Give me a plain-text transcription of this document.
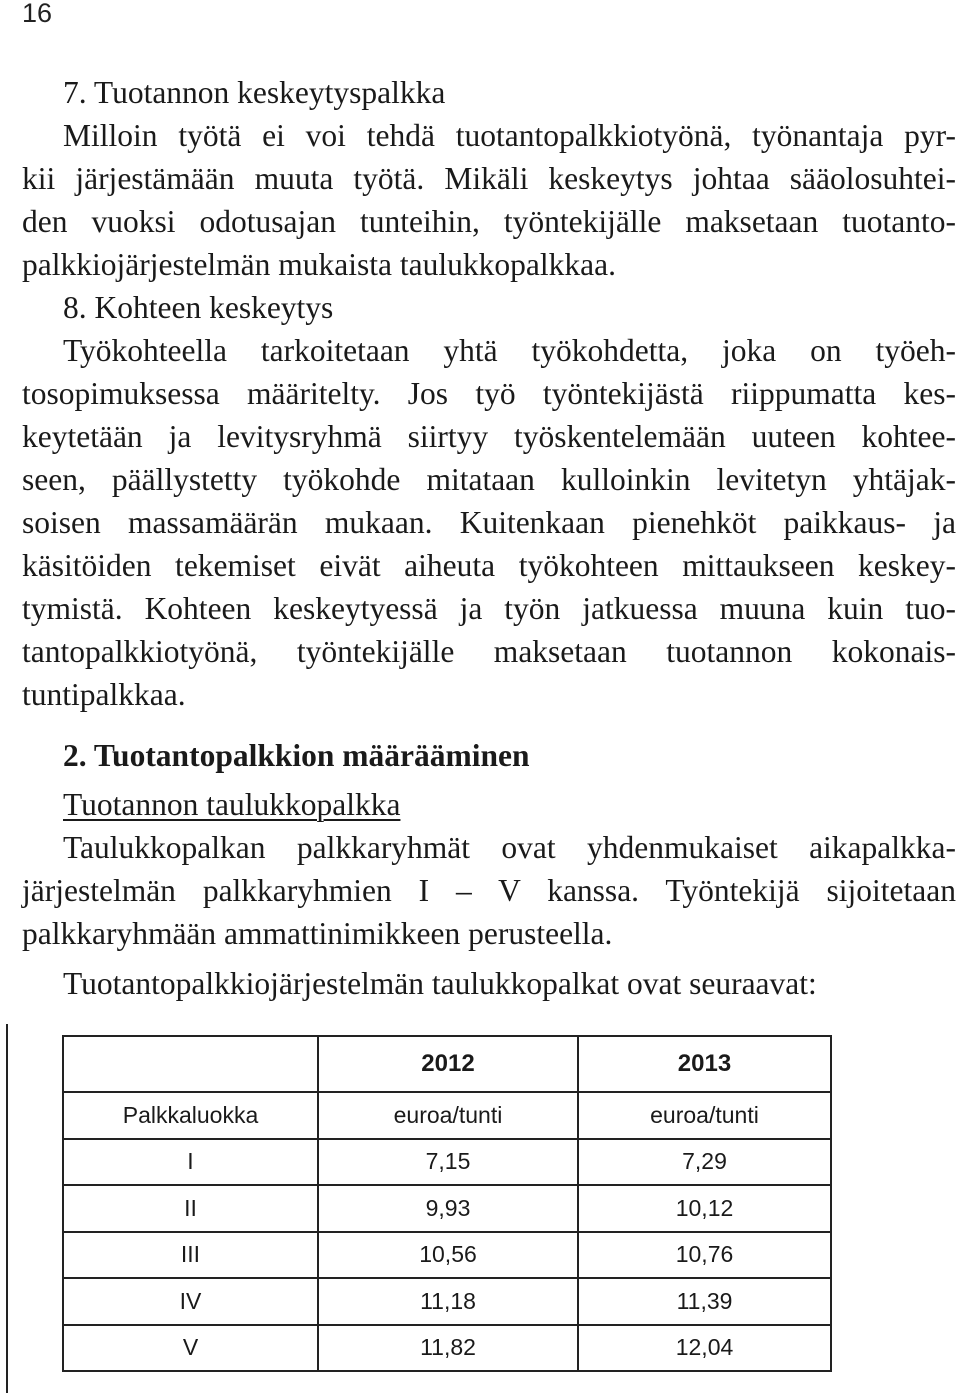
16
7. Tuotannon keskeytyspalkka
Milloin työtä ei voi tehdä tuotantopalkkiotyönä, työnantaja pyr-
kii järjestämään muuta työtä. Mikäli keskeytys johtaa sääolosuhtei-
den vuoksi odotusajan tunteihin, työntekijälle maksetaan tuotanto-
palkkiojärjestelmän mukaista taulukkopalkkaa.
8. Kohteen keskeytys
Työkohteella tarkoitetaan yhtä työkohdetta, joka on työeh-
tosopimuksessa määritelty. Jos työ työntekijästä riippumatta kes-
keytetään ja levitysryhmä siirtyy työskentelemään uuteen kohtee-
seen, päällystetty työkohde mitataan kulloinkin levitetyn yhtäjak-
soisen massamäärän mukaan. Kuitenkaan pienehköt paikkaus- ja
käsitöiden tekemiset eivät aiheuta työkohteen mittaukseen keskey-
tymistä. Kohteen keskeytyessä ja työn jatkuessa muuna kuin tuo-
tantopalkkiotyönä, työntekijälle maksetaan tuotannon kokonais-
tuntipalkkaa.
2. Tuotantopalkkion määrääminen
Tuotannon taulukkopalkka
Taulukkopalkan palkkaryhmät ovat yhdenmukaiset aikapalkka-
järjestelmän palkkaryhmien I – V kanssa. Työntekijä sijoitetaan
palkkaryhmään ammattinimikkeen perusteella.
Tuotantopalkkiojärjestelmän taulukkopalkat ovat seuraavat:
	2012	2013
Palkkaluokka	euroa/tunti	euroa/tunti
I	7,15	7,29
II	9,93	10,12
III	10,56	10,76
IV	11,18	11,39
V	11,82	12,04
